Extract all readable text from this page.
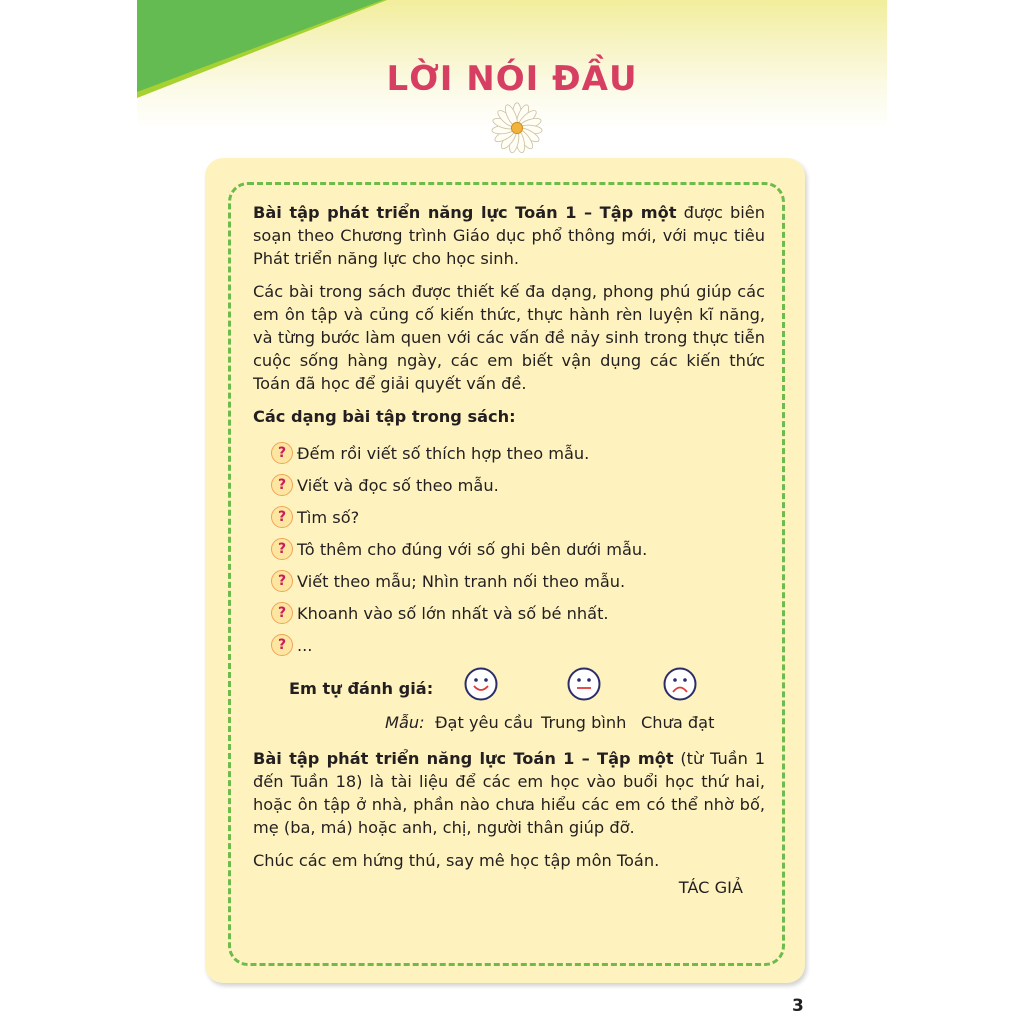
LỜI NÓI ĐẦU

Bài tập phát triển năng lực Toán 1 – Tập một được biên soạn theo Chương trình Giáo dục phổ thông mới, với mục tiêu Phát triển năng lực cho học sinh.

Các bài trong sách được thiết kế đa dạng, phong phú giúp các em ôn tập và củng cố kiến thức, thực hành rèn luyện kĩ năng, và từng bước làm quen với các vấn đề nảy sinh trong thực tiễn cuộc sống hàng ngày, các em biết vận dụng các kiến thức Toán đã học để giải quyết vấn đề.

Các dạng bài tập trong sách:
? Đếm rồi viết số thích hợp theo mẫu.
? Viết và đọc số theo mẫu.
? Tìm số?
? Tô thêm cho đúng với số ghi bên dưới mẫu.
? Viết theo mẫu; Nhìn tranh nối theo mẫu.
? Khoanh vào số lớn nhất và số bé nhất.
? ...
Em tự đánh giá:
Mẫu: Đạt yêu cầu Trung bình Chưa đạt

Bài tập phát triển năng lực Toán 1 – Tập một (từ Tuần 1 đến Tuần 18) là tài liệu để các em học vào buổi học thứ hai, hoặc ôn tập ở nhà, phần nào chưa hiểu các em có thể nhờ bố, mẹ (ba, má) hoặc anh, chị, người thân giúp đỡ.

Chúc các em hứng thú, say mê học tập môn Toán.

TÁC GIẢ
3
